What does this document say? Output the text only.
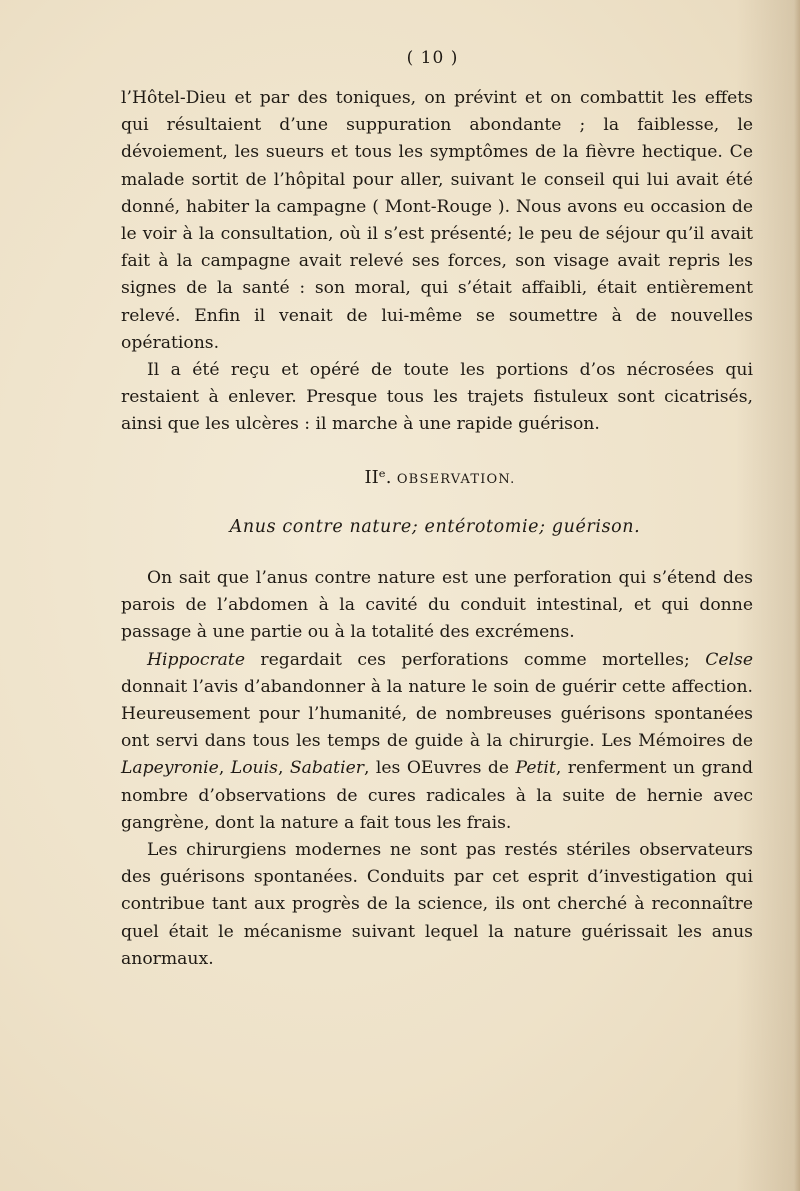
( 10 )

l’Hôtel-Dieu et par des toniques, on prévint et on combattit les effets qui résultaient d’une suppuration abondante ; la faiblesse, le dévoiement, les sueurs et tous les symptômes de la fièvre hectique. Ce malade sortit de l’hôpital pour aller, suivant le conseil qui lui avait été donné, habiter la campagne ( Mont-Rouge ). Nous avons eu occasion de le voir à la consultation, où il s’est présenté; le peu de séjour qu’il avait fait à la campagne avait relevé ses forces, son visage avait repris les signes de la santé : son moral, qui s’était affaibli, était entièrement relevé. Enfin il venait de lui-même se soumettre à de nouvelles opérations.

Il a été reçu et opéré de toute les portions d’os nécrosées qui restaient à enlever. Presque tous les trajets fistuleux sont cicatrisés, ainsi que les ulcères : il marche à une rapide guérison.

IIᵉ. OBSERVATION.
Anus contre nature; entérotomie; guérison.

On sait que l’anus contre nature est une perforation qui s’étend des parois de l’abdomen à la cavité du conduit intestinal, et qui donne passage à une partie ou à la totalité des excrémens.

Hippocrate regardait ces perforations comme mortelles; Celse donnait l’avis d’abandonner à la nature le soin de guérir cette affection. Heureusement pour l’humanité, de nombreuses guérisons spontanées ont servi dans tous les temps de guide à la chirurgie. Les Mémoires de Lapeyronie, Louis, Sabatier, les OEuvres de Petit, renferment un grand nombre d’observations de cures radicales à la suite de hernie avec gangrène, dont la nature a fait tous les frais.

Les chirurgiens modernes ne sont pas restés stériles observateurs des guérisons spontanées. Conduits par cet esprit d’investigation qui contribue tant aux progrès de la science, ils ont cherché à reconnaître quel était le mécanisme suivant lequel la nature guérissait les anus anormaux.
